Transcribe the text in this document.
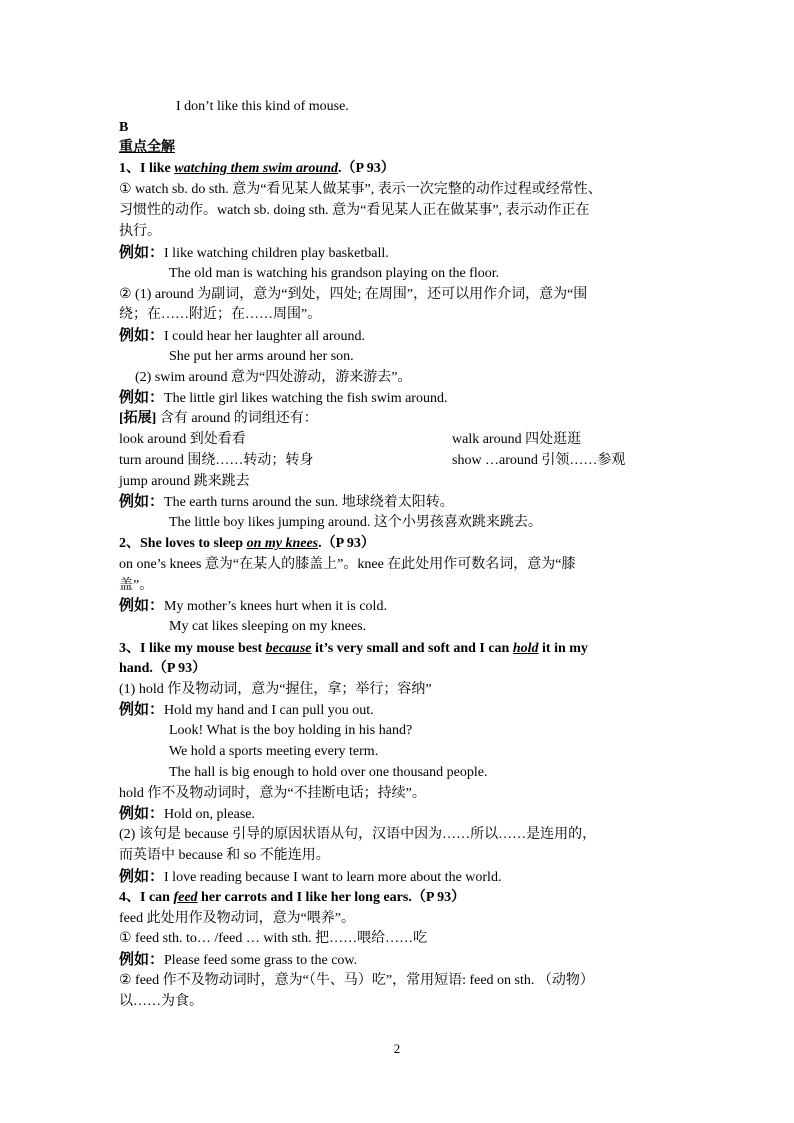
I don’t like this kind of mouse.
B
重点全解
1、I like watching them swim around.（P 93）
① watch sb. do sth. 意为“看见某人做某事”, 表示一次完整的动作过程或经常性、
习惯性的动作。watch sb. doing sth. 意为“看见某人正在做某事”, 表示动作正在
执行。
例如：I like watching children play basketball.
The old man is watching his grandson playing on the floor.
② (1) around 为副词，意为“到处，四处; 在周围”，还可以用作介词，意为“围
绕；在……附近；在……周围”。
例如：I could hear her laughter all around.
She put her arms around her son.
(2) swim around 意为“四处游动，游来游去”。
例如：The little girl likes watching the fish swim around.
[拓展] 含有 around 的词组还有：
look around 到处看看	walk around 四处逛逛
turn around 围绕……转动；转身	show …around 引领……参观
jump around 跳来跳去
例如：The earth turns around the sun. 地球绕着太阳转。
The little boy likes jumping around. 这个小男孩喜欢跳来跳去。
2、She loves to sleep on my knees.（P 93）
on one’s knees 意为“在某人的膝盖上”。knee 在此处用作可数名词，意为“膝
盖”。
例如：My mother’s knees hurt when it is cold.
My cat likes sleeping on my knees.
3、I like my mouse best because it’s very small and soft and I can hold it in my
hand.（P 93）
(1) hold 作及物动词，意为“握住，拿；举行；容纳”
例如：Hold my hand and I can pull you out.
Look! What is the boy holding in his hand?
We hold a sports meeting every term.
The hall is big enough to hold over one thousand people.
hold 作不及物动词时，意为“不挂断电话；持续”。
例如：Hold on, please.
(2) 该句是 because 引导的原因状语从句，汉语中因为……所以……是连用的，
而英语中 because 和 so 不能连用。
例如：I love reading because I want to learn more about the world.
4、I can feed her carrots and I like her long ears.（P 93）
feed 此处用作及物动词，意为“喂养”。
① feed sth. to… /feed … with sth. 把……喂给……吃
例如：Please feed some grass to the cow.
② feed 作不及物动词时，意为“（牛、马）吃”，常用短语: feed on sth. （动物）
以……为食。
2
